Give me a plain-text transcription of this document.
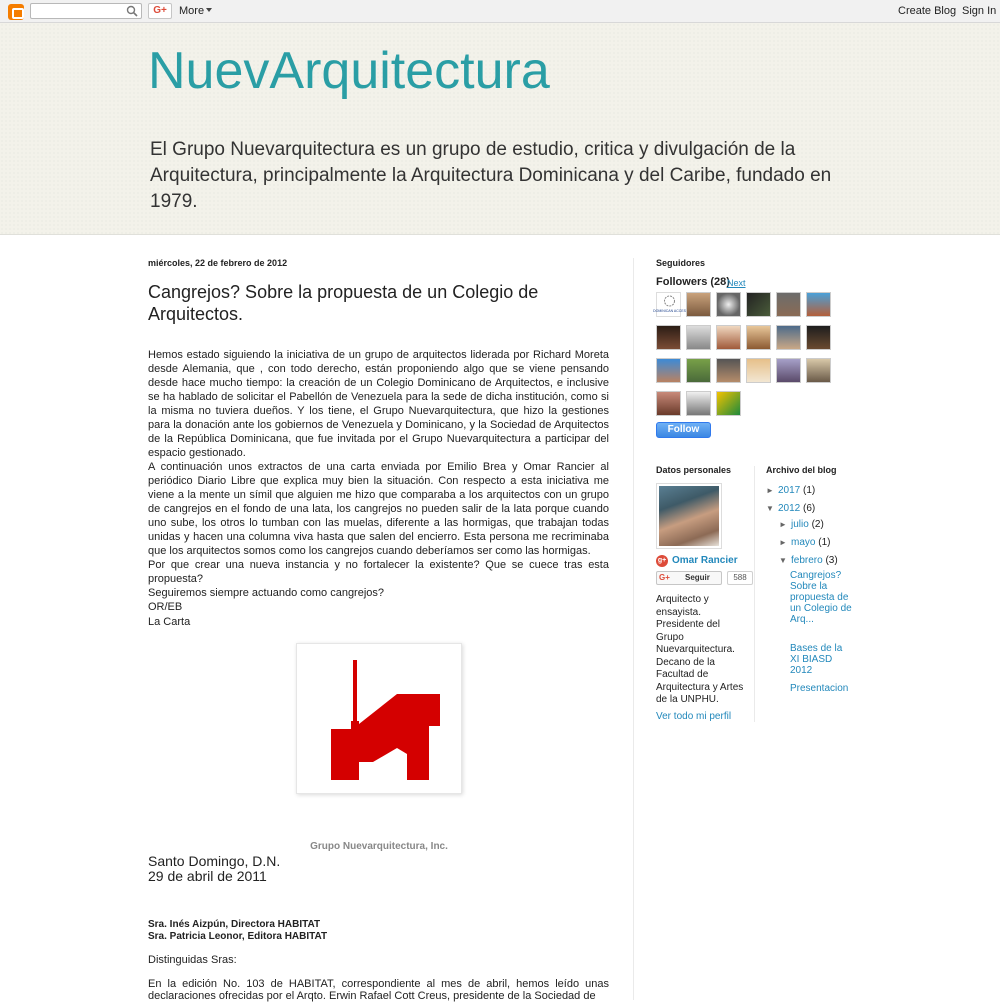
G+	More	Create Blog Sign In
NuevArquitectura
El Grupo Nuevarquitectura es un grupo de estudio, critica y divulgación de la Arquitectura, principalmente la Arquitectura Dominicana y del Caribe, fundado en 1979.
miércoles, 22 de febrero de 2012
Cangrejos? Sobre la propuesta de un Colegio de Arquitectos.

Hemos estado siguiendo la iniciativa de un grupo de arquitectos liderada por Richard Moreta desde Alemania, que , con todo derecho, están proponiendo algo que se viene pensando desde hace mucho tiempo: la creación de un Colegio Dominicano de Arquitectos, e inclusive se ha hablado de solicitar el Pabellón de Venezuela para la sede de dicha institución, como si la misma no tuviera dueños. Y los tiene, el Grupo Nuevarquitectura, que hizo la gestiones para la donación ante los gobiernos de Venezuela y Dominicano, y la Sociedad de Arquitectos de la República Dominicana, que fue invitada por el Grupo Nuevarquitectura a participar del espacio gestionado.

A continuación unos extractos de una carta enviada por Emilio Brea y Omar Rancier al periódico Diario Libre que explica muy bien la situación. Con respecto a esta iniciativa me viene a la mente un símil que alguien me hizo que comparaba a los arquitectos con un grupo de cangrejos en el fondo de una lata, los cangrejos no pueden salir de la lata porque cuando uno sube, los otros lo tumban con las muelas, diferente a las hormigas, que trabajan todas unidas y hacen una columna viva hasta que salen del encierro. Esta persona me recriminaba que los arquitectos somos como los cangrejos cuando deberíamos ser como las hormigas.

Por que crear una nueva instancia y no fortalecer la existente? Que se cuece tras esta propuesta?

Seguiremos siempre actuando como cangrejos?

OR/EB

La Carta
Grupo Nuevarquitectura, Inc.
Santo Domingo, D.N.
29 de abril de 2011
Sra. Inés Aizpún, Directora HABITAT
Sra. Patricia Leonor, Editora HABITAT
Distinguidas Sras:
En la edición No. 103 de HABITAT, correspondiente al mes de abril, hemos leído unas declaraciones ofrecidas por el Arqto. Erwin Rafael Cott Creus, presidente de la Sociedad de
Seguidores
Followers (28)
Next
DOMINICAN ACCES
Follow
Datos personales
g+ Omar Rancier
G+ Seguir	588
Arquitecto y ensayista. Presidente del Grupo Nuevarquitectura. Decano de la Facultad de Arquitectura y Artes de la UNPHU.
Ver todo mi perfil
Archivo del blog
► 2017 (1)
▼ 2012 (6)
► julio (2)
► mayo (1)
▼ febrero (3)
Cangrejos? Sobre la propuesta de un Colegio de Arq...
Bases de la XI BIASD 2012
Presentacion
